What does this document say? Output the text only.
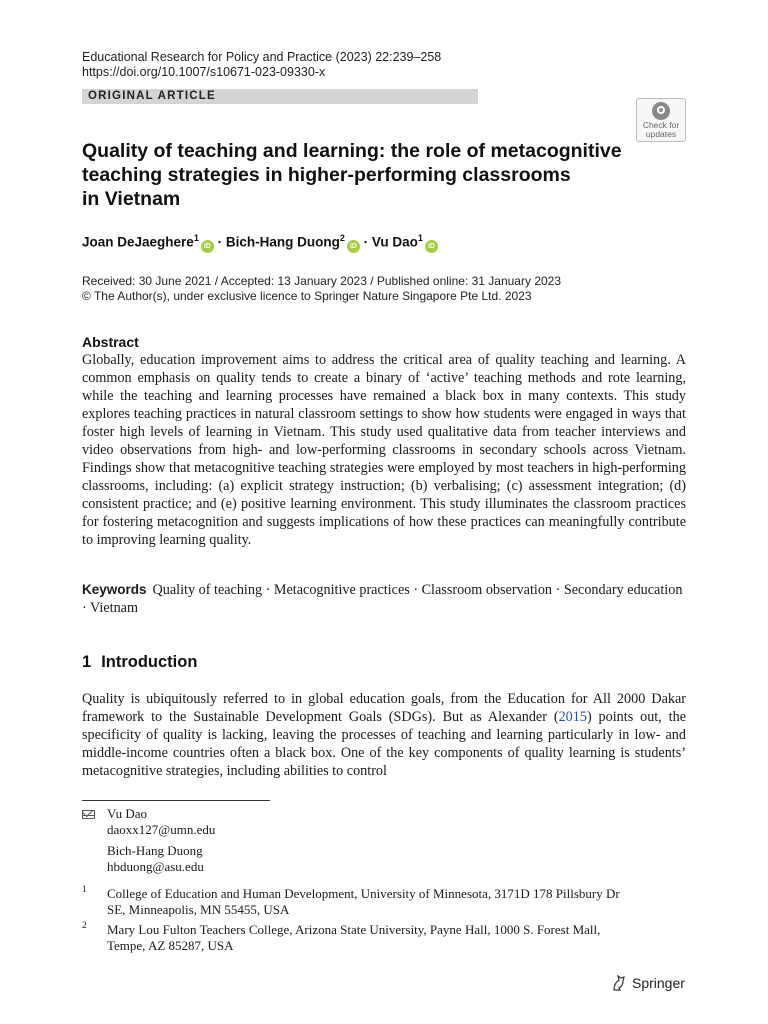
Educational Research for Policy and Practice (2023) 22:239–258
https://doi.org/10.1007/s10671-023-09330-x
ORIGINAL ARTICLE
Check for
updates
Quality of teaching and learning: the role of metacognitive
teaching strategies in higher-performing classrooms
in Vietnam
Joan DeJaeghere$^1$iD · Bich-Hang Duong$^2$iD · Vu Dao$^1$iD
Received: 30 June 2021 / Accepted: 13 January 2023 / Published online: 31 January 2023
© The Author(s), under exclusive licence to Springer Nature Singapore Pte Ltd. 2023
Abstract
Globally, education improvement aims to address the critical area of quality teaching and learning. A common emphasis on quality tends to create a binary of ‘active’ teaching methods and rote learning, while the teaching and learning processes have remained a black box in many contexts. This study explores teaching practices in natural classroom settings to show how students were engaged in ways that foster high levels of learning in Vietnam. This study used qualitative data from teacher interviews and video observations from high- and low-performing classrooms in secondary schools across Vietnam. Findings show that metacognitive teaching strategies were employed by most teachers in high-performing classrooms, including: (a) explicit strategy instruction; (b) verbalising; (c) assessment integration; (d) consistent practice; and (e) positive learning environment. This study illuminates the classroom practices for fostering metacognition and suggests implications of how these practices can meaningfully contribute to improving learning quality.
Keywords Quality of teaching · Metacognitive practices · Classroom observation · Secondary education · Vietnam
1 Introduction
Quality is ubiquitously referred to in global education goals, from the Education for All 2000 Dakar framework to the Sustainable Development Goals (SDGs). But as Alexander (2015) points out, the specificity of quality is lacking, leaving the processes of teaching and learning particularly in low- and middle-income countries often a black box. One of the key components of quality learning is students’ metacognitive strategies, including abilities to control
Vu Dao
daoxx127@umn.edu
Bich-Hang Duong
hbduong@asu.edu
1 College of Education and Human Development, University of Minnesota, 3171D 178 Pillsbury Dr
SE, Minneapolis, MN 55455, USA
2 Mary Lou Fulton Teachers College, Arizona State University, Payne Hall, 1000 S. Forest Mall,
Tempe, AZ 85287, USA
Springer
